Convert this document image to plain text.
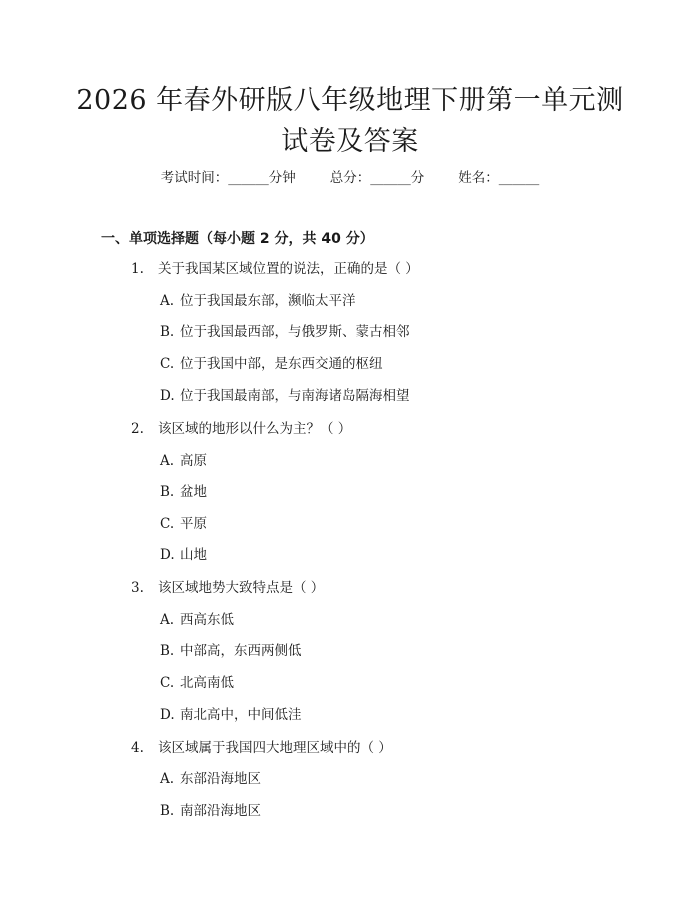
2026 年春外研版八年级地理下册第一单元测
试卷及答案
考试时间：______分钟	总分：______分	姓名：______
一、单项选择题（每小题 2 分，共 40 分）
1. 关于我国某区域位置的说法，正确的是（ ）
A. 位于我国最东部，濒临太平洋
B. 位于我国最西部，与俄罗斯、蒙古相邻
C. 位于我国中部，是东西交通的枢纽
D. 位于我国最南部，与南海诸岛隔海相望
2. 该区域的地形以什么为主？（ ）
A. 高原
B. 盆地
C. 平原
D. 山地
3. 该区域地势大致特点是（ ）
A. 西高东低
B. 中部高，东西两侧低
C. 北高南低
D. 南北高中，中间低洼
4. 该区域属于我国四大地理区域中的（ ）
A. 东部沿海地区
B. 南部沿海地区
